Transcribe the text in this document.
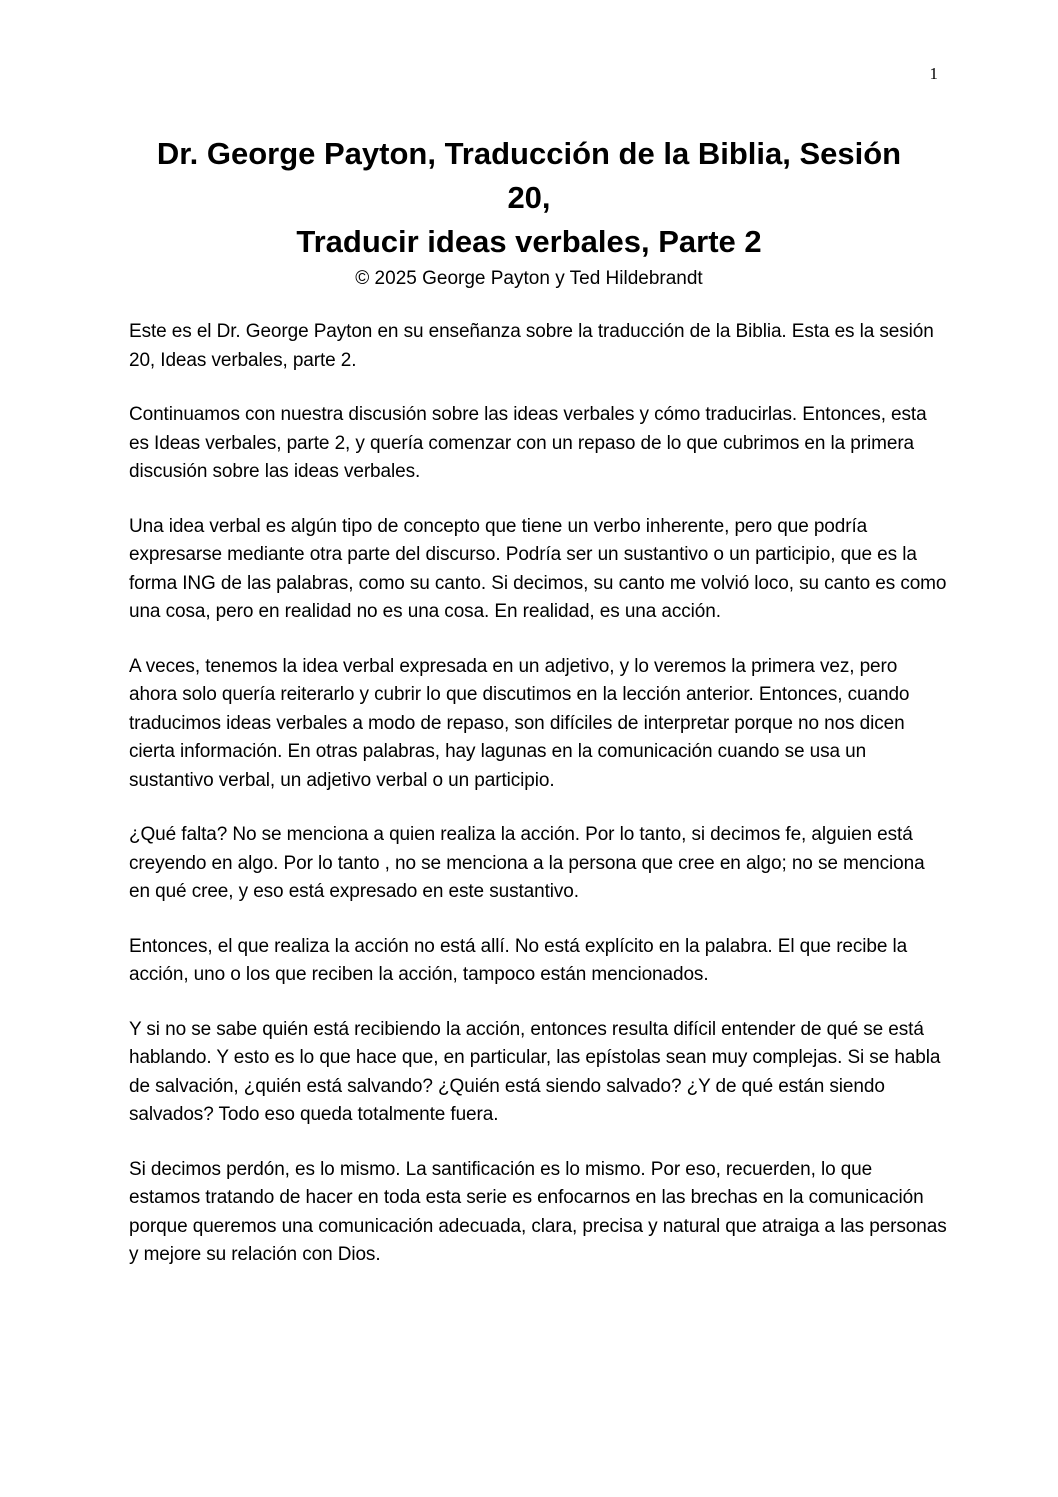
1
Dr. George Payton, Traducción de la Biblia, Sesión
20,
Traducir ideas verbales, Parte 2
© 2025 George Payton y Ted Hildebrandt

Este es el Dr. George Payton en su enseñanza sobre la traducción de la Biblia. Esta es la sesión 20, Ideas verbales, parte 2.

Continuamos con nuestra discusión sobre las ideas verbales y cómo traducirlas. Entonces, esta es Ideas verbales, parte 2, y quería comenzar con un repaso de lo que cubrimos en la primera discusión sobre las ideas verbales.

Una idea verbal es algún tipo de concepto que tiene un verbo inherente, pero que podría expresarse mediante otra parte del discurso. Podría ser un sustantivo o un participio, que es la forma ING de las palabras, como su canto. Si decimos, su canto me volvió loco, su canto es como una cosa, pero en realidad no es una cosa. En realidad, es una acción.

A veces, tenemos la idea verbal expresada en un adjetivo, y lo veremos la primera vez, pero ahora solo quería reiterarlo y cubrir lo que discutimos en la lección anterior. Entonces, cuando traducimos ideas verbales a modo de repaso, son difíciles de interpretar porque no nos dicen cierta información. En otras palabras, hay lagunas en la comunicación cuando se usa un sustantivo verbal, un adjetivo verbal o un participio.

¿Qué falta? No se menciona a quien realiza la acción. Por lo tanto, si decimos fe, alguien está creyendo en algo. Por lo tanto , no se menciona a la persona que cree en algo; no se menciona en qué cree, y eso está expresado en este sustantivo.

Entonces, el que realiza la acción no está allí. No está explícito en la palabra. El que recibe la acción, uno o los que reciben la acción, tampoco están mencionados.

Y si no se sabe quién está recibiendo la acción, entonces resulta difícil entender de qué se está hablando. Y esto es lo que hace que, en particular, las epístolas sean muy complejas. Si se habla de salvación, ¿quién está salvando? ¿Quién está siendo salvado? ¿Y de qué están siendo salvados? Todo eso queda totalmente fuera.

Si decimos perdón, es lo mismo. La santificación es lo mismo. Por eso, recuerden, lo que estamos tratando de hacer en toda esta serie es enfocarnos en las brechas en la comunicación porque queremos una comunicación adecuada, clara, precisa y natural que atraiga a las personas y mejore su relación con Dios.
